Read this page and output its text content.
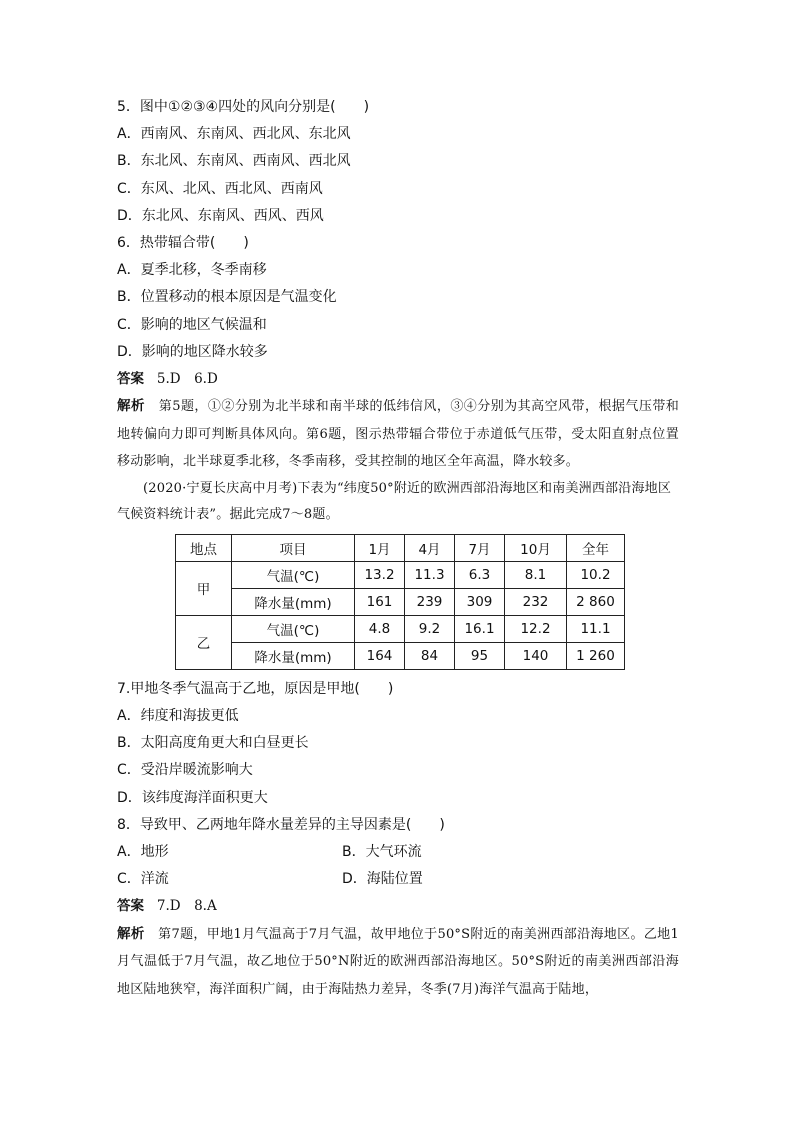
5．图中①②③④四处的风向分别是(　　)
A．西南风、东南风、西北风、东北风
B．东北风、东南风、西南风、西北风
C．东风、北风、西北风、西南风
D．东北风、东南风、西风、西风
6．热带辐合带(　　)
A．夏季北移，冬季南移
B．位置移动的根本原因是气温变化
C．影响的地区气候温和
D．影响的地区降水较多
答案 5.D　6.D
解析 第5题，①②分别为北半球和南半球的低纬信风，③④分别为其高空风带，根据气压带和地转偏向力即可判断具体风向。第6题，图示热带辐合带位于赤道低气压带，受太阳直射点位置移动影响，北半球夏季北移，冬季南移，受其控制的地区全年高温，降水较多。
(2020·宁夏长庆高中月考)下表为“纬度50°附近的欧洲西部沿海地区和南美洲西部沿海地区气候资料统计表”。据此完成7～8题。
地点	项目	1月	4月	7月	10月	全年
甲	气温(℃)	13.2	11.3	6.3	8.1	10.2
	降水量(mm)	161	239	309	232	2 860
乙	气温(℃)	4.8	9.2	16.1	12.2	11.1
	降水量(mm)	164	84	95	140	1 260
7.甲地冬季气温高于乙地，原因是甲地(　　)
A．纬度和海拔更低
B．太阳高度角更大和白昼更长
C．受沿岸暖流影响大
D．该纬度海洋面积更大
8．导致甲、乙两地年降水量差异的主导因素是(　　)
A．地形	B．大气环流
C．洋流	D．海陆位置
答案 7.D　8.A
解析 第7题，甲地1月气温高于7月气温，故甲地位于50°S附近的南美洲西部沿海地区。乙地1月气温低于7月气温，故乙地位于50°N附近的欧洲西部沿海地区。50°S附近的南美洲西部沿海地区陆地狭窄，海洋面积广阔，由于海陆热力差异，冬季(7月)海洋气温高于陆地，
